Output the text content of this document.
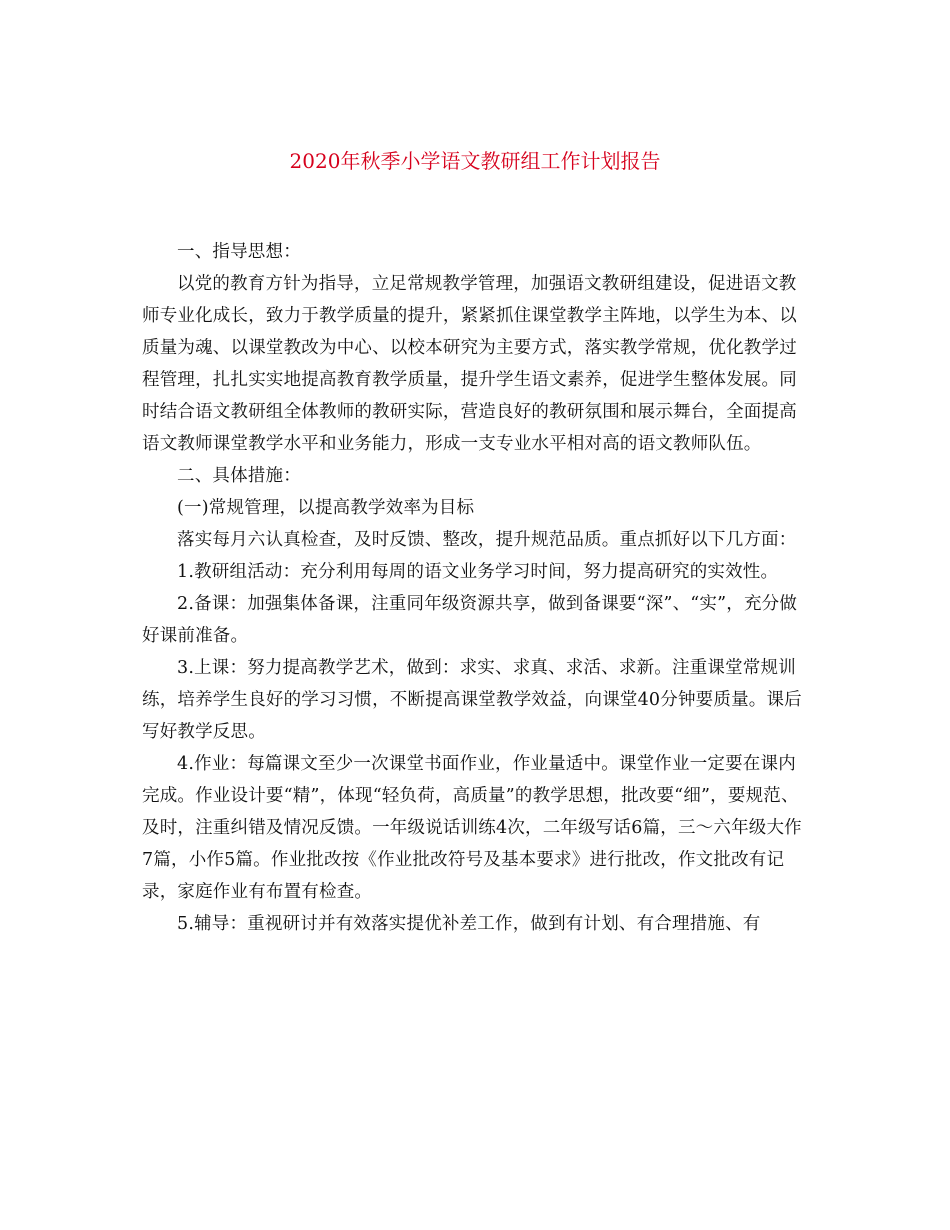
2020年秋季小学语文教研组工作计划报告

一、指导思想：

以党的教育方针为指导，立足常规教学管理，加强语文教研组建设，促进语文教师专业化成长，致力于教学质量的提升，紧紧抓住课堂教学主阵地，以学生为本、以质量为魂、以课堂教改为中心、以校本研究为主要方式，落实教学常规，优化教学过程管理，扎扎实实地提高教育教学质量，提升学生语文素养，促进学生整体发展。同时结合语文教研组全体教师的教研实际，营造良好的教研氛围和展示舞台，全面提高语文教师课堂教学水平和业务能力，形成一支专业水平相对高的语文教师队伍。

二、具体措施：

(一)常规管理，以提高教学效率为目标

落实每月六认真检查，及时反馈、整改，提升规范品质。重点抓好以下几方面：

1.教研组活动：充分利用每周的语文业务学习时间，努力提高研究的实效性。

2.备课：加强集体备课，注重同年级资源共享，做到备课要“深”、“实”，充分做好课前准备。

3.上课：努力提高教学艺术，做到：求实、求真、求活、求新。注重课堂常规训练，培养学生良好的学习习惯，不断提高课堂教学效益，向课堂40分钟要质量。课后写好教学反思。

4.作业：每篇课文至少一次课堂书面作业，作业量适中。课堂作业一定要在课内完成。作业设计要“精”，体现“轻负荷，高质量”的教学思想，批改要“细”，要规范、及时，注重纠错及情况反馈。一年级说话训练4次，二年级写话6篇，三～六年级大作7篇，小作5篇。作业批改按《作业批改符号及基本要求》进行批改，作文批改有记录，家庭作业有布置有检查。

5.辅导：重视研讨并有效落实提优补差工作，做到有计划、有合理措施、有
